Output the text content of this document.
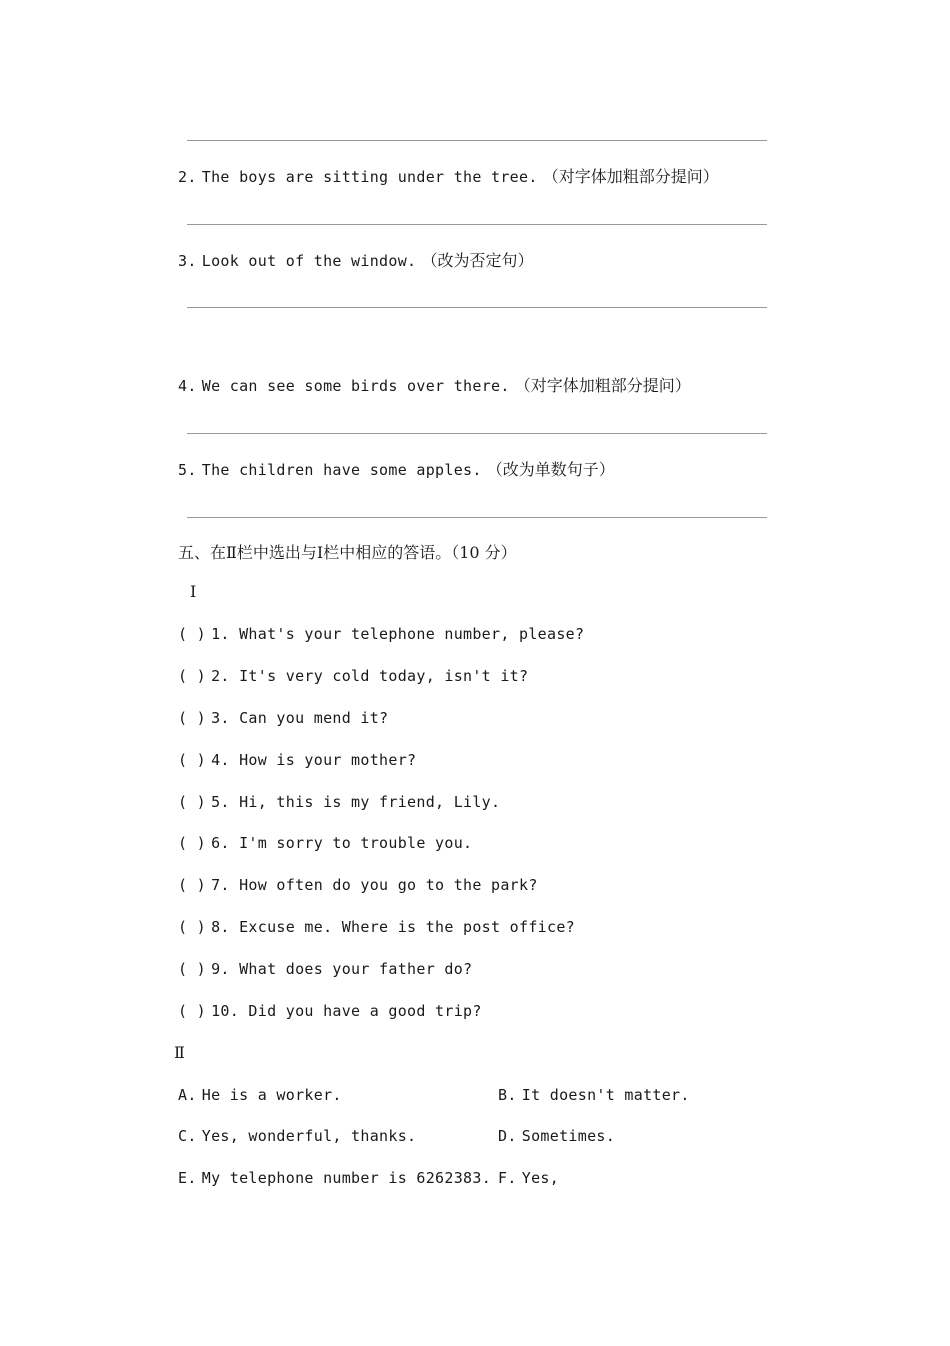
2. The boys are sitting under the tree. （对字体加粗部分提问）
3. Look out of the window. （改为否定句）
4. We can see some birds over there. （对字体加粗部分提问）
5. The children have some apples. （改为单数句子）
五、在Ⅱ栏中选出与Ⅰ栏中相应的答语。（10 分）
Ⅰ
( ) 1. What's your telephone number, please?
( ) 2. It's very cold today, isn't it?
( ) 3. Can you mend it?
( ) 4. How is your mother?
( ) 5. Hi, this is my friend, Lily.
( ) 6. I'm sorry to trouble you.
( ) 7. How often do you go to the park?
( ) 8. Excuse me. Where is the post office?
( ) 9. What does your father do?
( ) 10. Did you have a good trip?
Ⅱ
A. He is a worker.	B. It doesn't matter.
C. Yes, wonderful, thanks.	D. Sometimes.
E. My telephone number is 6262383. F. Yes,
